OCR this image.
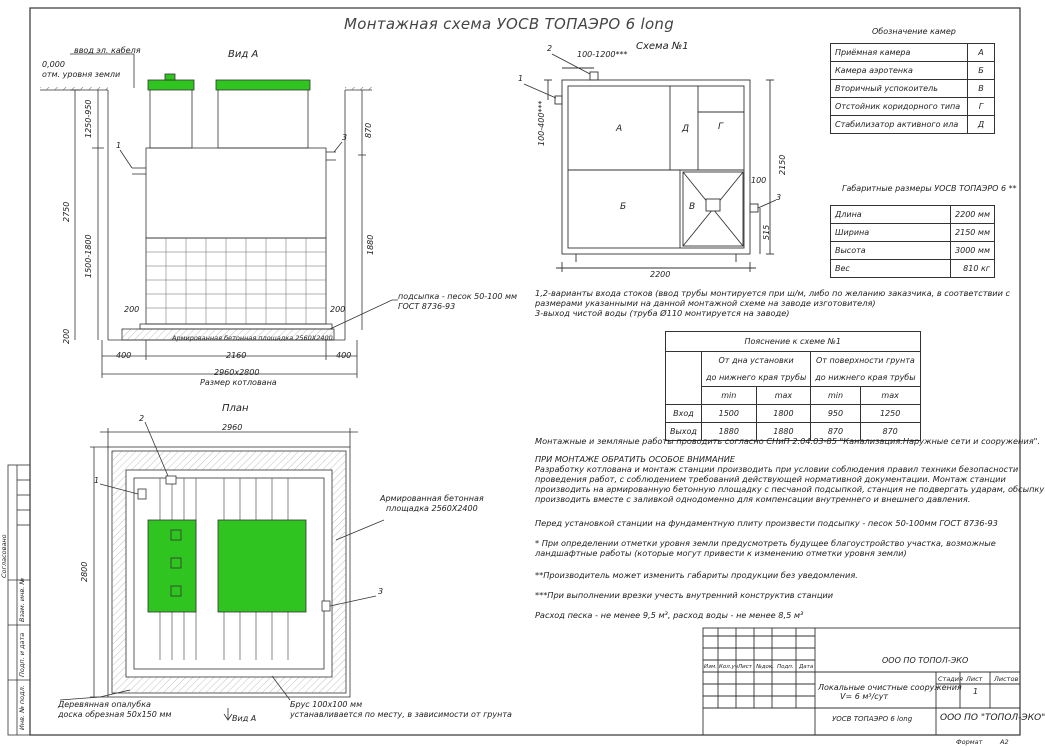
Монтажная схема УОСВ ТОПАЭРО 6 long
Вид А
ввод эл. кабеля
0,000
отм. уровня земли
1250-950
2750
1500-1800
200
870
1880
1
3
подсыпка - песок 50-100 мм
ГОСТ 8736-93
Армированная бетонная площадка 2560Х2400
200	200
400	2160	400
2960х2800
Размер котлована
План
2960
2800
1
2
3
Армированная бетонная
площадка 2560Х2400
Деревянная опалубка
доска обрезная 50х150 мм	Вид А
Брус 100х100 мм
устанавливается по месту, в зависимости от грунта
Схема №1
1
2
3
100-1200***
100-400***
2150
100
515
2200
А	Д	Г
Б	В
Обозначение камер
Приёмная камера	А
Камера аэротенка	Б
Вторичный успокоитель	В
Отстойник коридорного типа	Г
Стабилизатор активного ила	Д
Габаритные размеры УОСВ ТОПАЭРО 6 **
Длина	2200 мм
Ширина	2150 мм
Высота	3000 мм
Вес	810 кг
1,2-варианты входа стоков (ввод трубы монтируется при ш/м, либо по желанию заказчика, в соответствии с
размерами указанными на данной монтажной схеме на заводе изготовителя)
3-выход чистой воды (труба Ø110 монтируется на заводе)
Пояснение к схеме №1				
	От дна установки		От поверхности грунта	
	до нижнего края трубы		до нижнего края трубы	
	min	max	min	max
Вход	1500	1800	950	1250
Выход	1880	1880	870	870
Монтажные и земляные работы проводить согласно СНиП 2.04.03-85 "Канализация.Наружные сети и сооружения".
ПРИ МОНТАЖЕ ОБРАТИТЬ ОСОБОЕ ВНИМАНИЕ
Разработку котлована и монтаж станции производить при условии соблюдения правил техники безопасности
проведения работ, с соблюдением требований действующей нормативной документации. Монтаж станции
производить на армированную бетонную площадку с песчаной подсыпкой, станция не подвергать ударам, обсыпку
производить вместе с заливкой однодоменно для компенсации внутреннего и внешнего давления.
Перед установкой станции на фундаментную плиту произвести подсыпку - песок 50-100мм ГОСТ 8736-93
* При определении отметки уровня земли предусмотреть будущее благоустройство участка, возможные
ландшафтные работы (которые могут привести к изменению отметки уровня земли)
**Производитель может изменить габариты продукции без уведомления.
***При выполнении врезки учесть внутренний конструктив станции
Расход песка - не менее 9,5 м³, расход воды - не менее 8,5 м³
Согласовано
Взам. инв. №
Подп. и дата
Инв. № подл.
ООО ПО ТОПОЛ-ЭКО
Изм. Кол.уч Лист №док. Подп. Дата
Стадия Лист Листов
1
Локальные очистные сооружения
V= 6 м³/сут
УОСВ ТОПАЭРО 6 long	ООО ПО "ТОПОЛ-ЭКО"
Формат	А2
